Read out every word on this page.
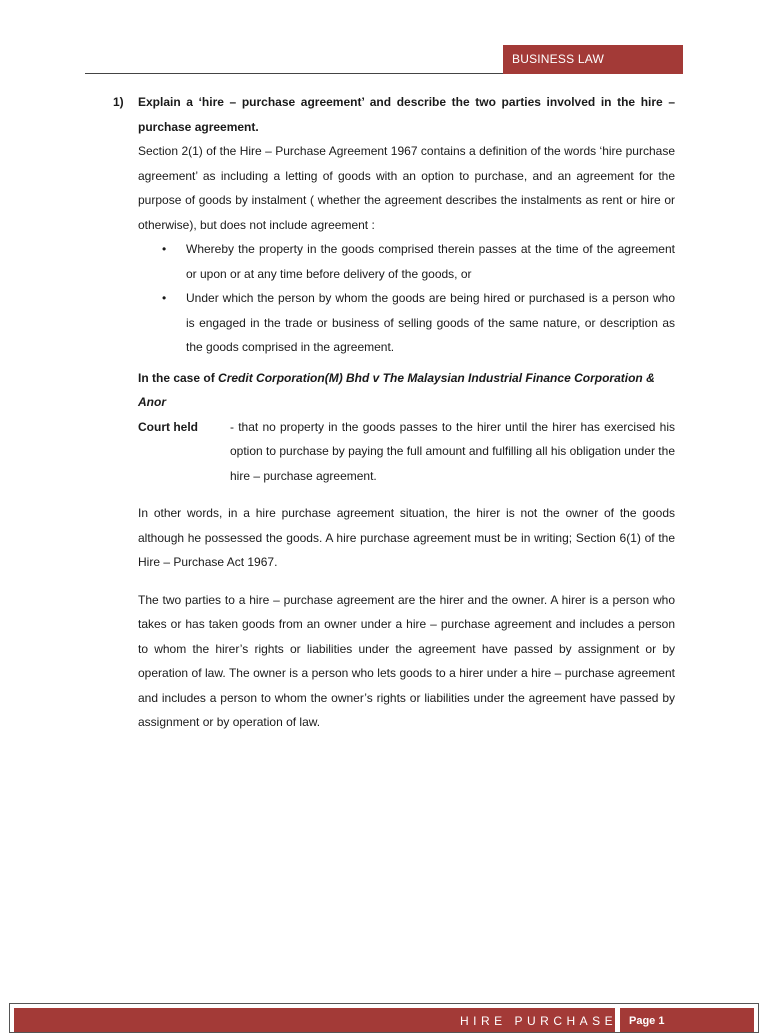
BUSINESS LAW
1)	Explain a ‘hire – purchase agreement’ and describe the two parties involved in the hire – purchase agreement.

Section 2(1) of the Hire – Purchase Agreement 1967 contains a definition of the words ‘hire purchase agreement’ as including a letting of goods with an option to purchase, and an agreement for the purpose of goods by instalment ( whether the agreement describes the instalments as rent or hire or otherwise), but does not include agreement :

• Whereby the property in the goods comprised therein passes at the time of the agreement or upon or at any time before delivery of the goods, or
• Under which the person by whom the goods are being hired or purchased is a person who is engaged in the trade or business of selling goods of the same nature, or description as the goods comprised in the agreement.
In the case of Credit Corporation(M) Bhd v The Malaysian Industrial Finance Corporation & Anor
Court held	- that no property in the goods passes to the hirer until the hirer has exercised his option to purchase by paying the full amount and fulfilling all his obligation under the hire – purchase agreement.

In other words, in a hire purchase agreement situation, the hirer is not the owner of the goods although he possessed the goods. A hire purchase agreement must be in writing; Section 6(1) of the Hire – Purchase Act 1967.

The two parties to a hire – purchase agreement are the hirer and the owner. A hirer is a person who takes or has taken goods from an owner under a hire – purchase agreement and includes a person to whom the hirer’s rights or liabilities under the agreement have passed by assignment or by operation of law. The owner is a person who lets goods to a hirer under a hire – purchase agreement and includes a person to whom the owner’s rights or liabilities under the agreement have passed by assignment or by operation of law.

HIRE PURCHASE	Page 1
